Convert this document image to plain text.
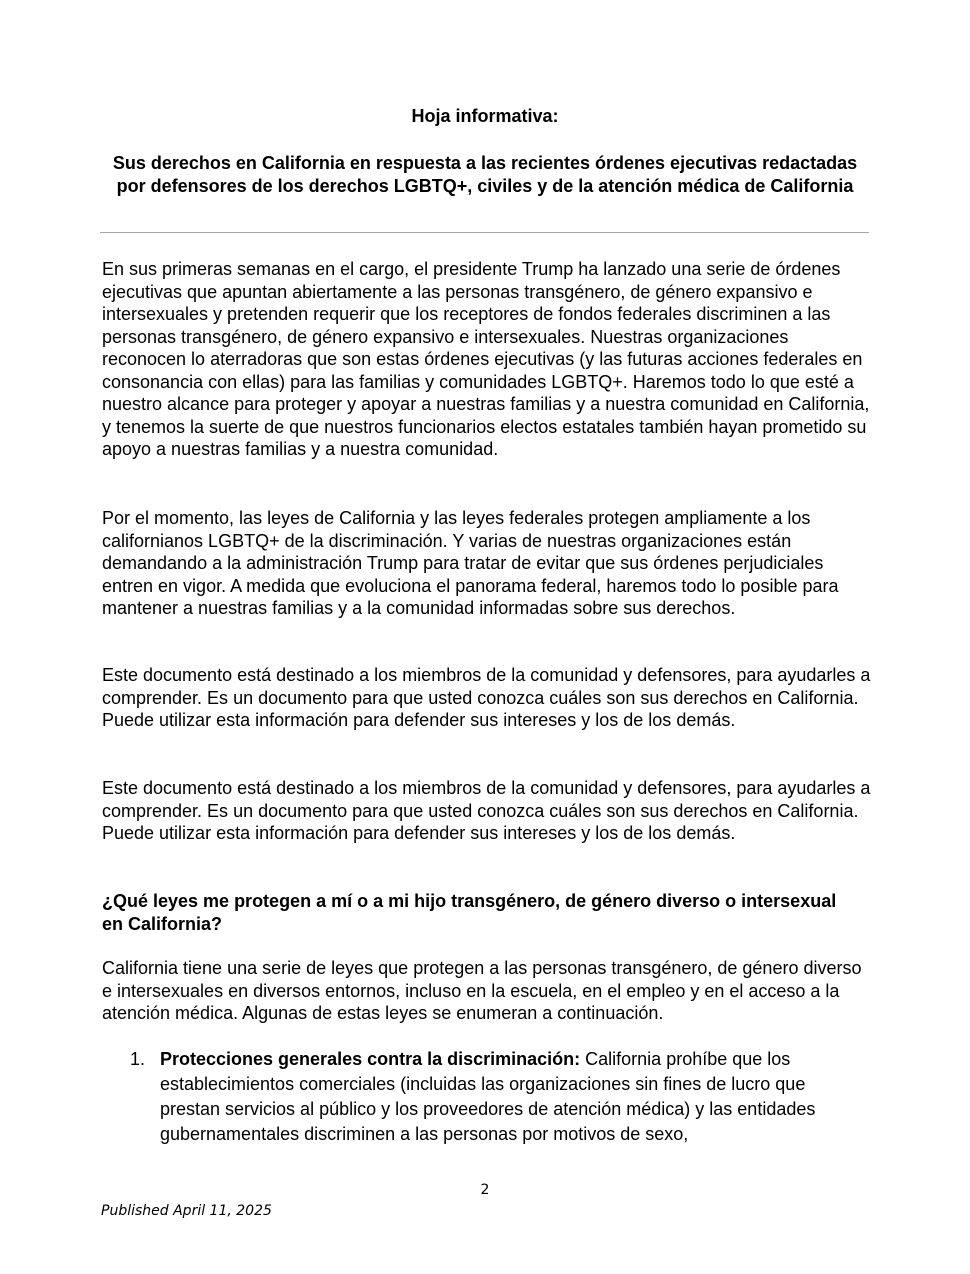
Hoja informativa:
Sus derechos en California en respuesta a las recientes órdenes ejecutivas redactadas por defensores de los derechos LGBTQ+, civiles y de la atención médica de California

En sus primeras semanas en el cargo, el presidente Trump ha lanzado una serie de órdenes ejecutivas que apuntan abiertamente a las personas transgénero, de género expansivo e intersexuales y pretenden requerir que los receptores de fondos federales discriminen a las personas transgénero, de género expansivo e intersexuales. Nuestras organizaciones reconocen lo aterradoras que son estas órdenes ejecutivas (y las futuras acciones federales en consonancia con ellas) para las familias y comunidades LGBTQ+. Haremos todo lo que esté a nuestro alcance para proteger y apoyar a nuestras familias y a nuestra comunidad en California, y tenemos la suerte de que nuestros funcionarios electos estatales también hayan prometido su apoyo a nuestras familias y a nuestra comunidad.

Por el momento, las leyes de California y las leyes federales protegen ampliamente a los californianos LGBTQ+ de la discriminación. Y varias de nuestras organizaciones están demandando a la administración Trump para tratar de evitar que sus órdenes perjudiciales entren en vigor. A medida que evoluciona el panorama federal, haremos todo lo posible para mantener a nuestras familias y a la comunidad informadas sobre sus derechos.

Este documento está destinado a los miembros de la comunidad y defensores, para ayudarles a comprender. Es un documento para que usted conozca cuáles son sus derechos en California. Puede utilizar esta información para defender sus intereses y los de los demás.

Este documento está destinado a los miembros de la comunidad y defensores, para ayudarles a comprender. Es un documento para que usted conozca cuáles son sus derechos en California. Puede utilizar esta información para defender sus intereses y los de los demás.

¿Qué leyes me protegen a mí o a mi hijo transgénero, de género diverso o intersexual en California?

California tiene una serie de leyes que protegen a las personas transgénero, de género diverso e intersexuales en diversos entornos, incluso en la escuela, en el empleo y en el acceso a la atención médica. Algunas de estas leyes se enumeran a continuación.

1. Protecciones generales contra la discriminación: California prohíbe que los establecimientos comerciales (incluidas las organizaciones sin fines de lucro que prestan servicios al público y los proveedores de atención médica) y las entidades gubernamentales discriminen a las personas por motivos de sexo,
2
Published April 11, 2025
